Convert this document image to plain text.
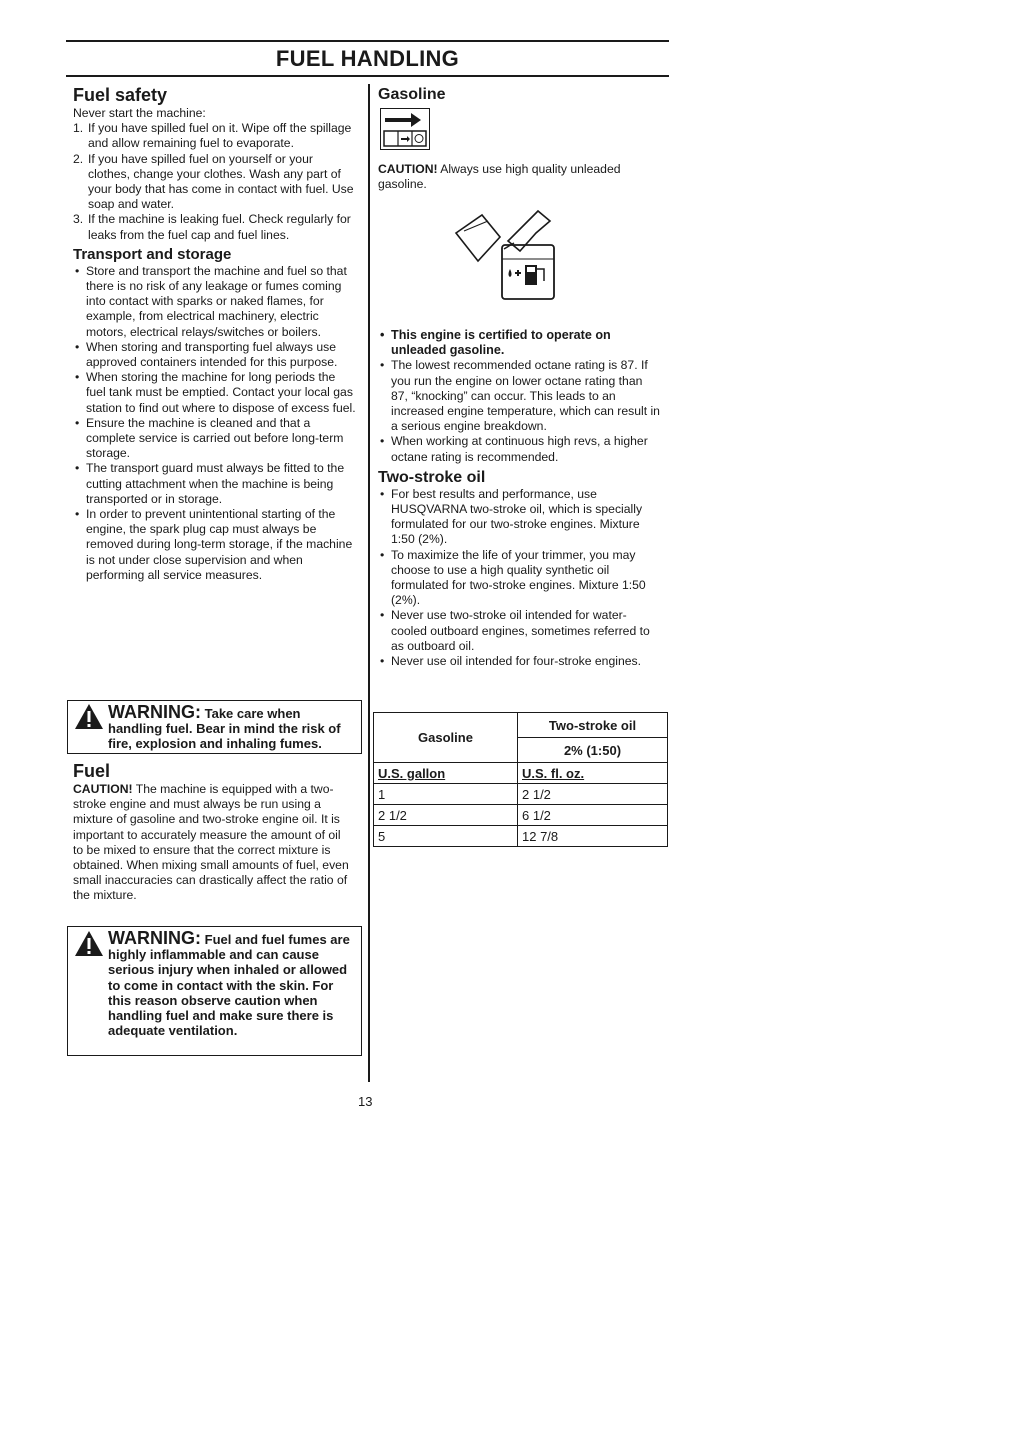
FUEL HANDLING
Fuel safety

Never start the machine:

1. If you have spilled fuel on it. Wipe off the spillage and allow remaining fuel to evaporate.
2. If you have spilled fuel on yourself or your clothes, change your clothes. Wash any part of your body that has come in contact with fuel. Use soap and water.
3. If the machine is leaking fuel. Check regularly for leaks from the fuel cap and fuel lines.
Transport and storage
• Store and transport the machine and fuel so that there is no risk of any leakage or fumes coming into contact with sparks or naked flames, for example, from electrical machinery, electric motors, electrical relays/switches or boilers.
• When storing and transporting fuel always use approved containers intended for this purpose.
• When storing the machine for long periods the fuel tank must be emptied. Contact your local gas station to find out where to dispose of excess fuel.
• Ensure the machine is cleaned and that a complete service is carried out before long-term storage.
• The transport guard must always be fitted to the cutting attachment when the machine is being transported or in storage.
• In order to prevent unintentional starting of the engine, the spark plug cap must always be removed during long-term storage, if the machine is not under close supervision and when performing all service measures.
WARNING: Take care when handling fuel. Bear in mind the risk of fire, explosion and inhaling fumes.
Fuel

CAUTION! The machine is equipped with a two-stroke engine and must always be run using a mixture of gasoline and two-stroke engine oil. It is important to accurately measure the amount of oil to be mixed to ensure that the correct mixture is obtained. When mixing small amounts of fuel, even small inaccuracies can drastically affect the ratio of the mixture.

WARNING: Fuel and fuel fumes are highly inflammable and can cause serious injury when inhaled or allowed to come in contact with the skin. For this reason observe caution when handling fuel and make sure there is adequate ventilation.
Gasoline

CAUTION! Always use high quality unleaded gasoline.

• This engine is certified to operate on unleaded gasoline.
• The lowest recommended octane rating is 87. If you run the engine on lower octane rating than 87, “knocking” can occur. This leads to an increased engine temperature, which can result in a serious engine breakdown.
• When working at continuous high revs, a higher octane rating is recommended.
Two-stroke oil
• For best results and performance, use HUSQVARNA two-stroke oil, which is specially formulated for our two-stroke engines. Mixture 1:50 (2%).
• To maximize the life of your trimmer, you may choose to use a high quality synthetic oil formulated for two-stroke engines. Mixture 1:50 (2%).
• Never use two-stroke oil intended for water-cooled outboard engines, sometimes referred to as outboard oil.
• Never use oil intended for four-stroke engines.
Gasoline	Two-stroke oil
	2% (1:50)
U.S. gallon	U.S. fl. oz.
1	2 1/2
2 1/2	6 1/2
5	12 7/8
13
